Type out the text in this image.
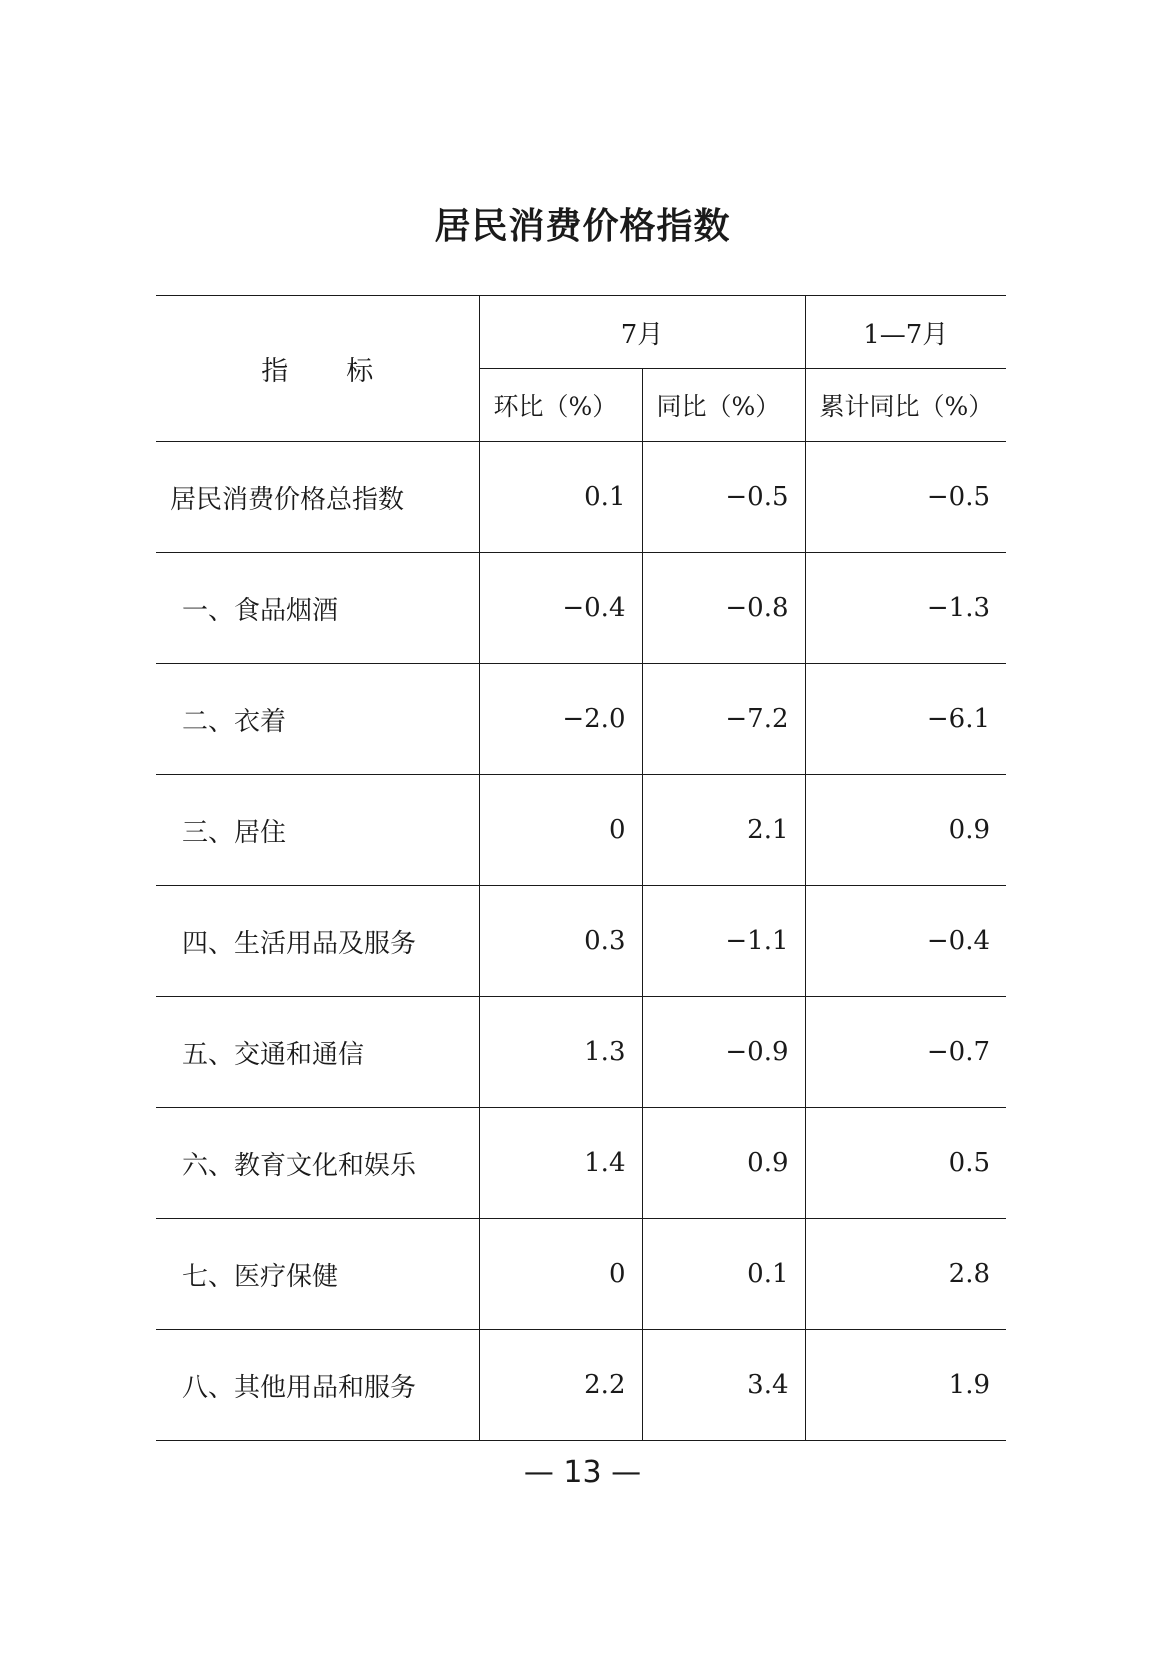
居民消费价格指数
指 标	7月		1—7月
	环比（%）	同比（%）	累计同比（%）
居民消费价格总指数	0.1	−0.5	−0.5
一、食品烟酒	−0.4	−0.8	−1.3
二、衣着	−2.0	−7.2	−6.1
三、居住	0	2.1	0.9
四、生活用品及服务	0.3	−1.1	−0.4
五、交通和通信	1.3	−0.9	−0.7
六、教育文化和娱乐	1.4	0.9	0.5
七、医疗保健	0	0.1	2.8
八、其他用品和服务	2.2	3.4	1.9
— 13 —
